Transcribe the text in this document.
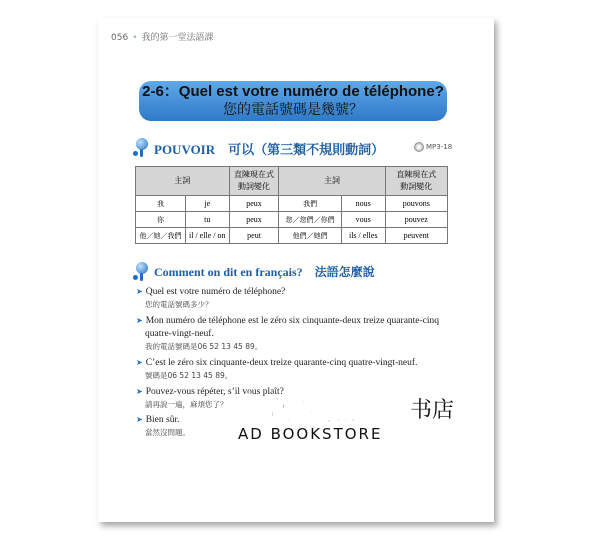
056 • 我的第一堂法語課
2-6：Quel est votre numéro de téléphone?
您的電話號碼是幾號？
POUVOIR　可以（第三類不規則動詞）	MP3-18
主詞		直陳現在式
動詞變化	主詞		直陳現在式
動詞變化
我	je	peux	我們	nous	pouvons
你	tu	peux	您／您們／你們	vous	pouvez
他／她／我們	il / elle / on	peut	他們／她們	ils / elles	peuvent
Comment on dit en français?　法語怎麼說
➤ Quel est votre numéro de téléphone?
您的電話號碼多少？
➤ Mon numéro de téléphone est le zéro six cinquante-deux treize quarante-cinq
quatre-vingt-neuf.
我的電話號碼是06 52 13 45 89。
➤ C’est le zéro six cinquante-deux treize quarante-cinq quatre-vingt-neuf.
號碼是06 52 13 45 89。
➤ Pouvez-vous répéter, s’il vous plaît?
請再說一遍，麻煩您了？
➤ Bien sûr.
當然沒問題。
讀立視点 书店
AD BOOKSTORE
